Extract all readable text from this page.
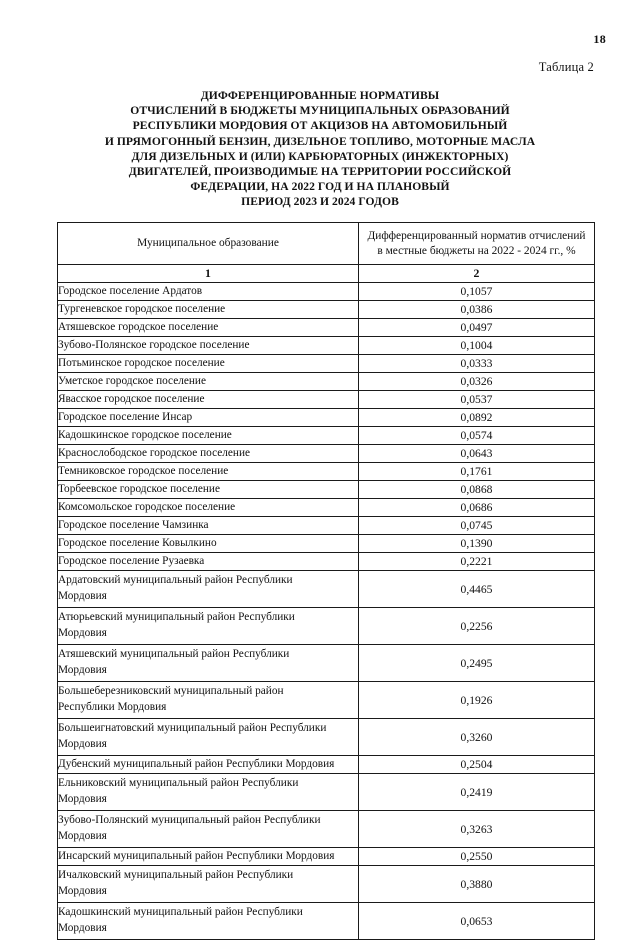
18
Таблица 2
ДИФФЕРЕНЦИРОВАННЫЕ НОРМАТИВЫ
ОТЧИСЛЕНИЙ В БЮДЖЕТЫ МУНИЦИПАЛЬНЫХ ОБРАЗОВАНИЙ
РЕСПУБЛИКИ МОРДОВИЯ ОТ АКЦИЗОВ НА АВТОМОБИЛЬНЫЙ
И ПРЯМОГОННЫЙ БЕНЗИН, ДИЗЕЛЬНОЕ ТОПЛИВО, МОТОРНЫЕ МАСЛА
ДЛЯ ДИЗЕЛЬНЫХ И (ИЛИ) КАРБЮРАТОРНЫХ (ИНЖЕКТОРНЫХ)
ДВИГАТЕЛЕЙ, ПРОИЗВОДИМЫЕ НА ТЕРРИТОРИИ РОССИЙСКОЙ
ФЕДЕРАЦИИ, НА 2022 ГОД И НА ПЛАНОВЫЙ
ПЕРИОД 2023 И 2024 ГОДОВ
Муниципальное образование	Дифференцированный норматив отчислений
в местные бюджеты на 2022 - 2024 гг., %

1	2

Городское поселение Ардатов	0,1057

Тургеневское городское поселение	0,0386

Атяшевское городское поселение	0,0497

Зубово-Полянское городское поселение	0,1004

Потьминское городское поселение	0,0333

Уметское городское поселение	0,0326

Явасское городское поселение	0,0537

Городское поселение Инсар	0,0892

Кадошкинское городское поселение	0,0574

Краснослободское городское поселение	0,0643

Темниковское городское поселение	0,1761

Торбеевское городское поселение	0,0868

Комсомольское городское поселение	0,0686

Городское поселение Чамзинка	0,0745

Городское поселение Ковылкино	0,1390

Городское поселение Рузаевка	0,2221

Ардатовский муниципальный район Республики
Мордовия	0,4465

Атюрьевский муниципальный район Республики
Мордовия	0,2256

Атяшевский муниципальный район Республики
Мордовия	0,2495

Большеберезниковский муниципальный район
Республики Мордовия	0,1926

Большеигнатовский муниципальный район Республики
Мордовия	0,3260

Дубенский муниципальный район Республики Мордовия	0,2504

Ельниковский муниципальный район Республики
Мордовия	0,2419

Зубово-Полянский муниципальный район Республики
Мордовия	0,3263

Инсарский муниципальный район Республики Мордовия	0,2550

Ичалковский муниципальный район Республики
Мордовия	0,3880

Кадошкинский муниципальный район Республики
Мордовия	0,0653
